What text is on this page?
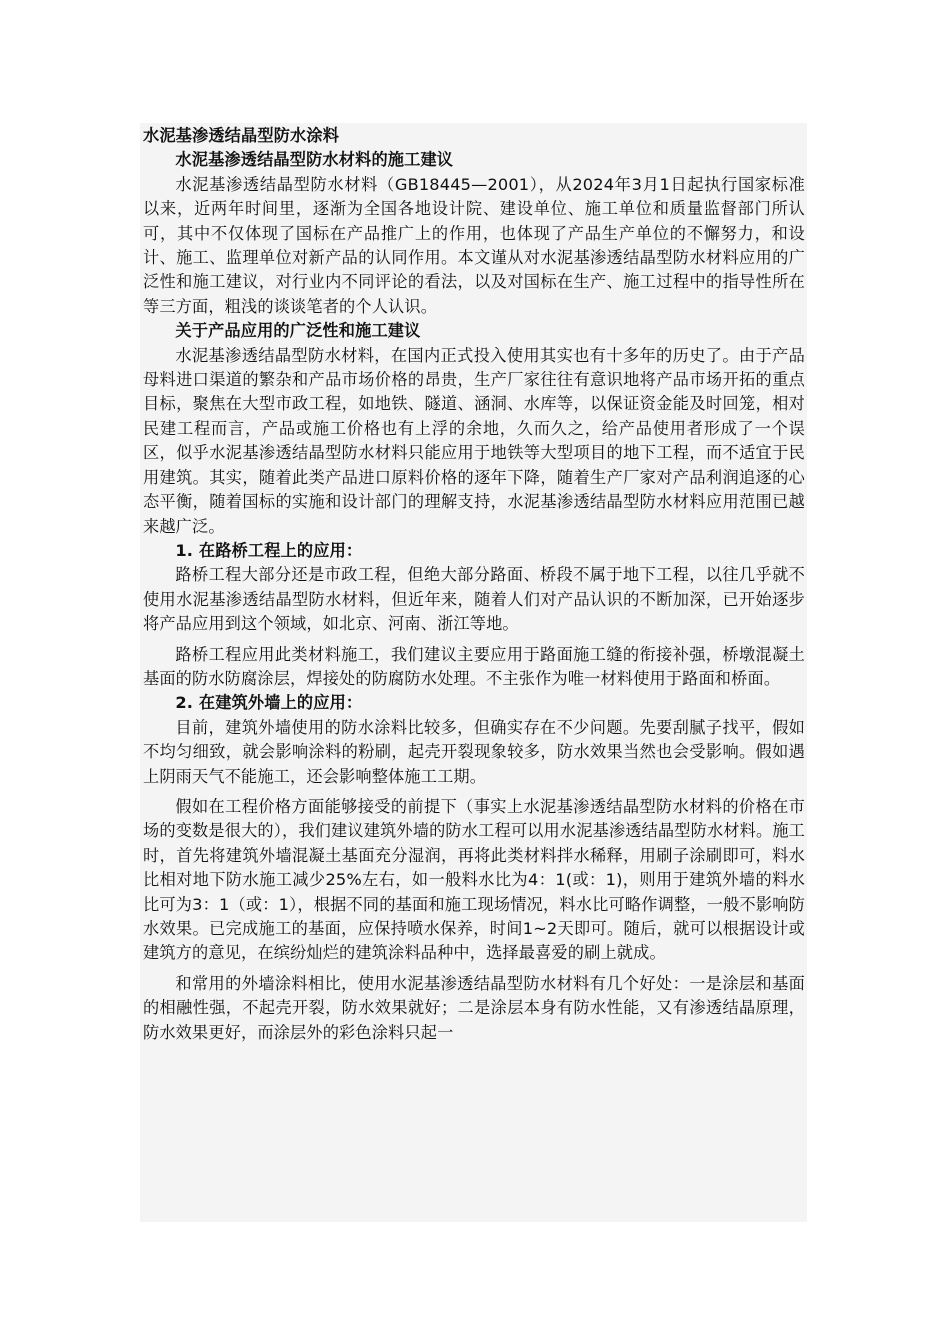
水泥基渗透结晶型防水涂料

水泥基渗透结晶型防水材料的施工建议

水泥基渗透结晶型防水材料（GB18445—2001），从2024年3月1日起执行国家标准以来，近两年时间里，逐渐为全国各地设计院、建设单位、施工单位和质量监督部门所认可，其中不仅体现了国标在产品推广上的作用，也体现了产品生产单位的不懈努力，和设计、施工、监理单位对新产品的认同作用。本文谨从对水泥基渗透结晶型防水材料应用的广泛性和施工建议，对行业内不同评论的看法，以及对国标在生产、施工过程中的指导性所在等三方面，粗浅的谈谈笔者的个人认识。

关于产品应用的广泛性和施工建议

水泥基渗透结晶型防水材料，在国内正式投入使用其实也有十多年的历史了。由于产品母料进口渠道的繁杂和产品市场价格的昂贵，生产厂家往往有意识地将产品市场开拓的重点目标，聚焦在大型市政工程，如地铁、隧道、涵洞、水库等，以保证资金能及时回笼，相对民建工程而言，产品或施工价格也有上浮的余地，久而久之，给产品使用者形成了一个误区，似乎水泥基渗透结晶型防水材料只能应用于地铁等大型项目的地下工程，而不适宜于民用建筑。其实，随着此类产品进口原料价格的逐年下降，随着生产厂家对产品利润追逐的心态平衡，随着国标的实施和设计部门的理解支持，水泥基渗透结晶型防水材料应用范围已越来越广泛。

1. 在路桥工程上的应用：

路桥工程大部分还是市政工程，但绝大部分路面、桥段不属于地下工程，以往几乎就不使用水泥基渗透结晶型防水材料，但近年来，随着人们对产品认识的不断加深，已开始逐步将产品应用到这个领域，如北京、河南、浙江等地。

路桥工程应用此类材料施工，我们建议主要应用于路面施工缝的衔接补强，桥墩混凝土基面的防水防腐涂层，焊接处的防腐防水处理。不主张作为唯一材料使用于路面和桥面。

2. 在建筑外墙上的应用：

目前，建筑外墙使用的防水涂料比较多，但确实存在不少问题。先要刮腻子找平，假如不均匀细致，就会影响涂料的粉刷，起壳开裂现象较多，防水效果当然也会受影响。假如遇上阴雨天气不能施工，还会影响整体施工工期。

假如在工程价格方面能够接受的前提下（事实上水泥基渗透结晶型防水材料的价格在市场的变数是很大的），我们建议建筑外墙的防水工程可以用水泥基渗透结晶型防水材料。施工时，首先将建筑外墙混凝土基面充分湿润，再将此类材料拌水稀释，用刷子涂刷即可，料水比相对地下防水施工减少25%左右，如一般料水比为4：1(或：1)，则用于建筑外墙的料水比可为3：1（或：1），根据不同的基面和施工现场情况，料水比可略作调整，一般不影响防水效果。已完成施工的基面，应保持喷水保养，时间1~2天即可。随后，就可以根据设计或建筑方的意见，在缤纷灿烂的建筑涂料品种中，选择最喜爱的刷上就成。

和常用的外墙涂料相比，使用水泥基渗透结晶型防水材料有几个好处：一是涂层和基面的相融性强，不起壳开裂，防水效果就好；二是涂层本身有防水性能，又有渗透结晶原理，防水效果更好，而涂层外的彩色涂料只起一
